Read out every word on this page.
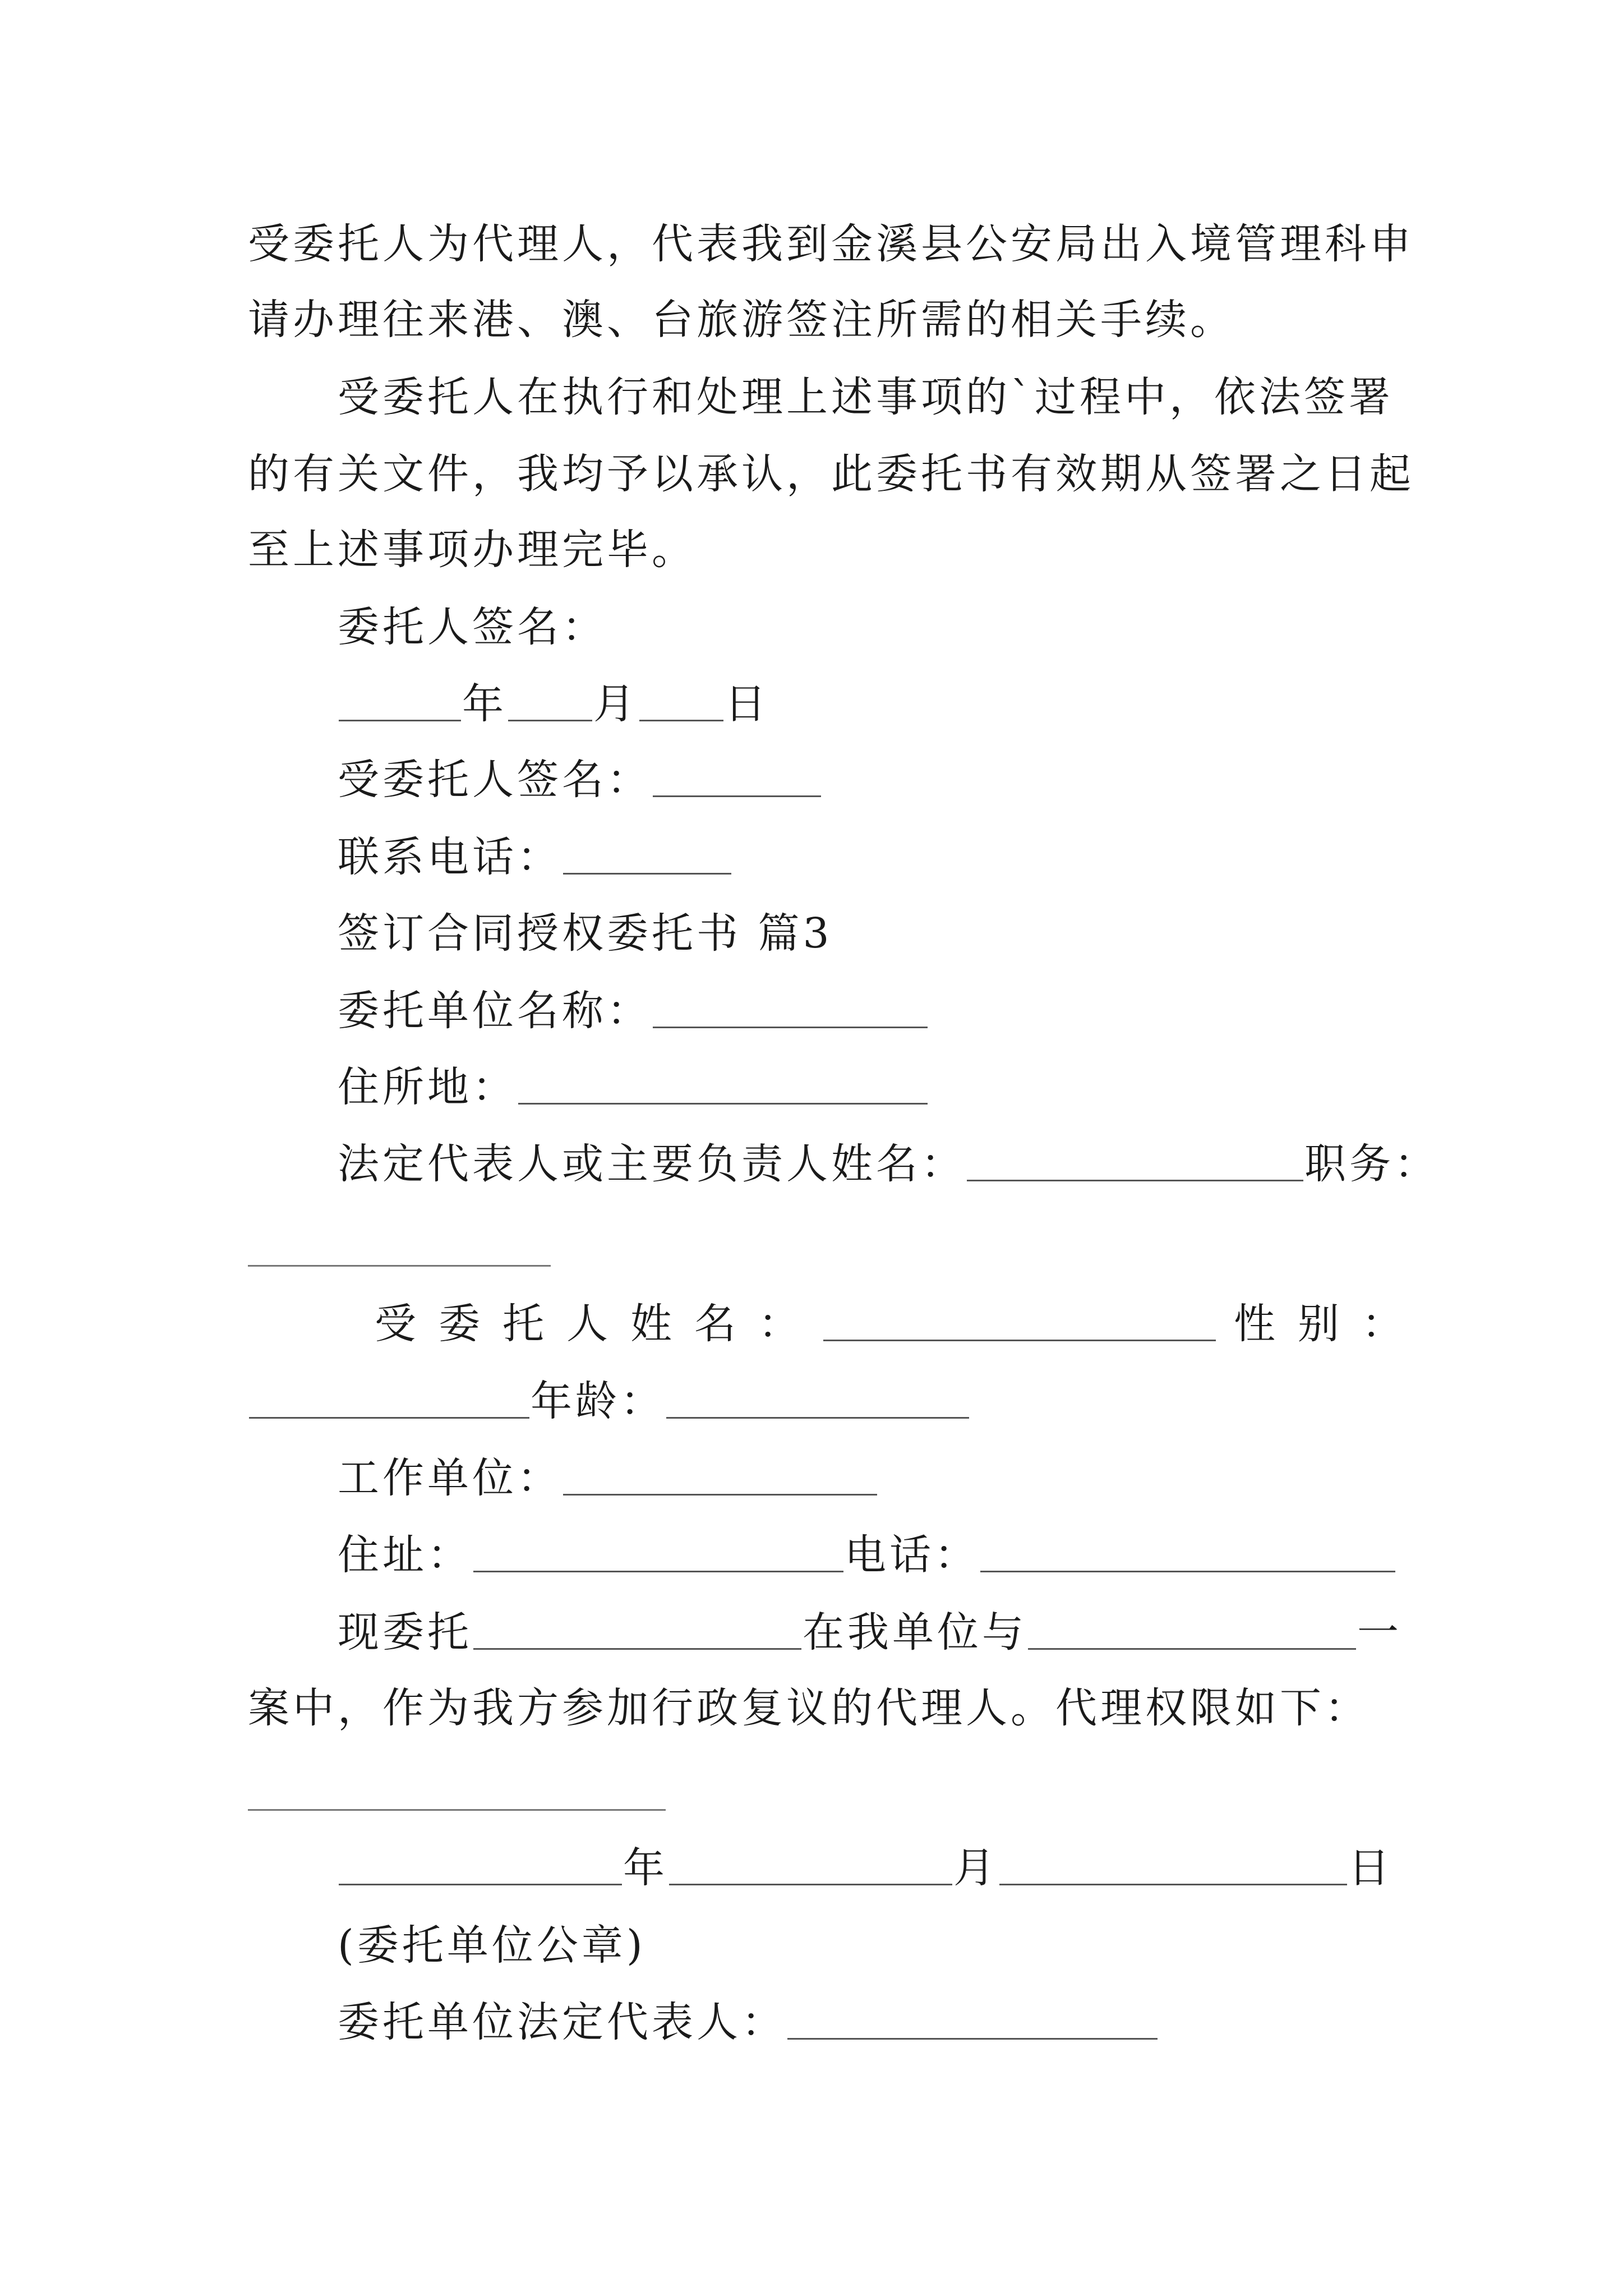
受委托人为代理人，代表我到金溪县公安局出入境管理科申
请办理往来港、澳、台旅游签注所需的相关手续。
受委托人在执行和处理上述事项的`过程中，依法签署
的有关文件，我均予以承认，此委托书有效期从签署之日起
至上述事项办理完毕。
委托人签名：
年 月 日
受委托人签名：
联系电话：
签订合同授权委托书 篇3
委托单位名称：
住所地：
法定代表人或主要负责人姓名：	职务：
受委托人姓名：	性别：
年龄：
工作单位：
住址：	电话：
现委托	在我单位与	一
案中，作为我方参加行政复议的代理人。代理权限如下：
年	月	日
(委托单位公章)
委托单位法定代表人：
